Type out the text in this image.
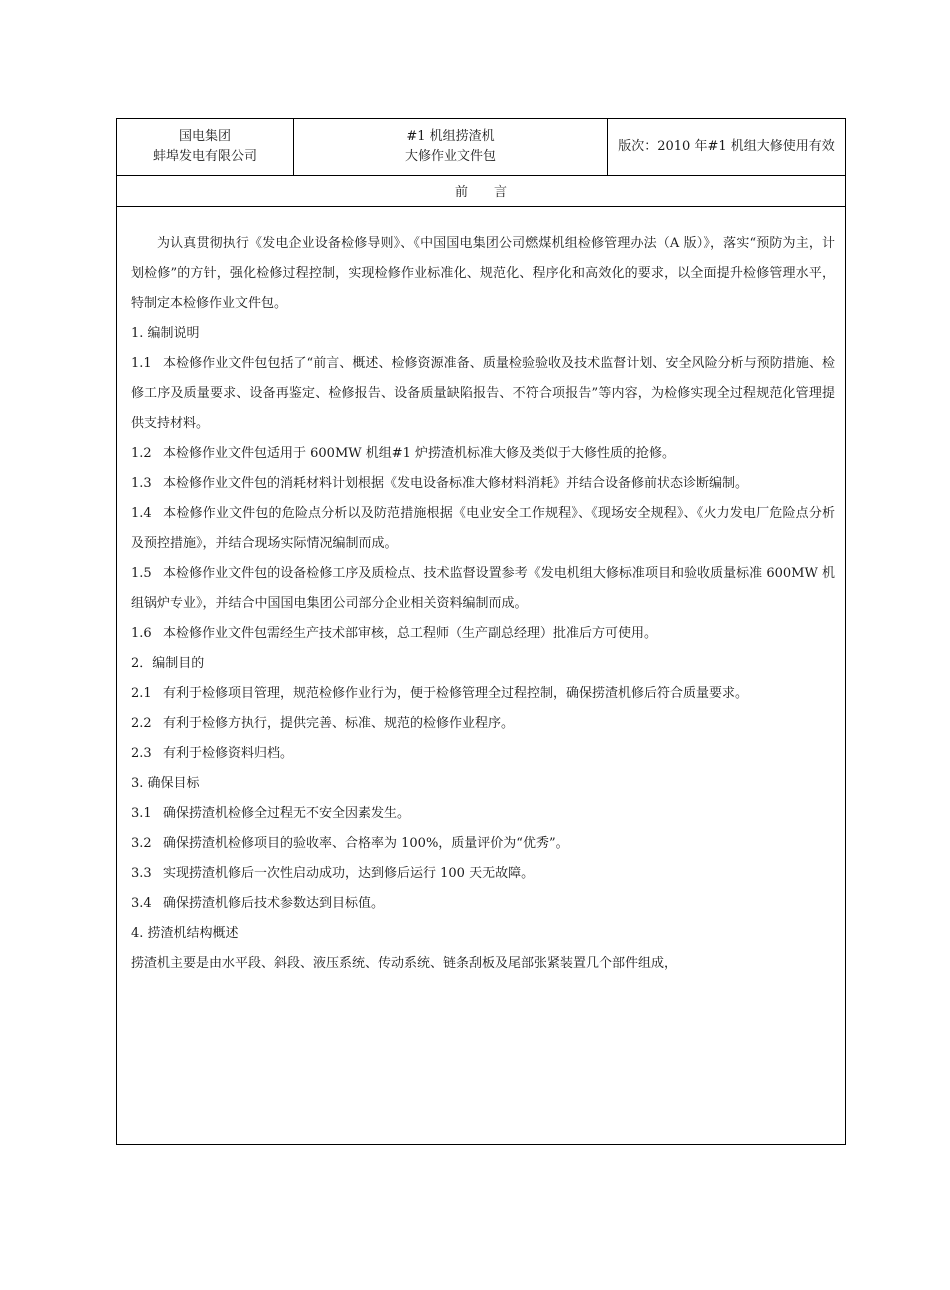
国电集团
蚌埠发电有限公司
#1 机组捞渣机
大修作业文件包
版次：2010 年#1 机组大修使用有效
前言

为认真贯彻执行《发电企业设备检修导则》、《中国国电集团公司燃煤机组检修管理办法（A 版）》，落实“预防为主，计划检修”的方针，强化检修过程控制，实现检修作业标准化、规范化、程序化和高效化的要求，以全面提升检修管理水平，特制定本检修作业文件包。

1. 编制说明

1.1 本检修作业文件包包括了“前言、概述、检修资源准备、质量检验验收及技术监督计划、安全风险分析与预防措施、检修工序及质量要求、设备再鉴定、检修报告、设备质量缺陷报告、不符合项报告”等内容，为检修实现全过程规范化管理提供支持材料。

1.2 本检修作业文件包适用于 600MW 机组#1 炉捞渣机标准大修及类似于大修性质的抢修。

1.3 本检修作业文件包的消耗材料计划根据《发电设备标准大修材料消耗》并结合设备修前状态诊断编制。

1.4 本检修作业文件包的危险点分析以及防范措施根据《电业安全工作规程》、《现场安全规程》、《火力发电厂危险点分析及预控措施》，并结合现场实际情况编制而成。

1.5 本检修作业文件包的设备检修工序及质检点、技术监督设置参考《发电机组大修标准项目和验收质量标准 600MW 机组锅炉专业》，并结合中国国电集团公司部分企业相关资料编制而成。

1.6 本检修作业文件包需经生产技术部审核，总工程师（生产副总经理）批准后方可使用。

2．编制目的

2.1 有利于检修项目管理，规范检修作业行为，便于检修管理全过程控制，确保捞渣机修后符合质量要求。

2.2 有利于检修方执行，提供完善、标准、规范的检修作业程序。

2.3 有利于检修资料归档。

3. 确保目标

3.1 确保捞渣机检修全过程无不安全因素发生。

3.2 确保捞渣机检修项目的验收率、合格率为 100%，质量评价为“优秀”。

3.3 实现捞渣机修后一次性启动成功，达到修后运行 100 天无故障。

3.4 确保捞渣机修后技术参数达到目标值。

4. 捞渣机结构概述

捞渣机主要是由水平段、斜段、液压系统、传动系统、链条刮板及尾部张紧装置几个部件组成，
